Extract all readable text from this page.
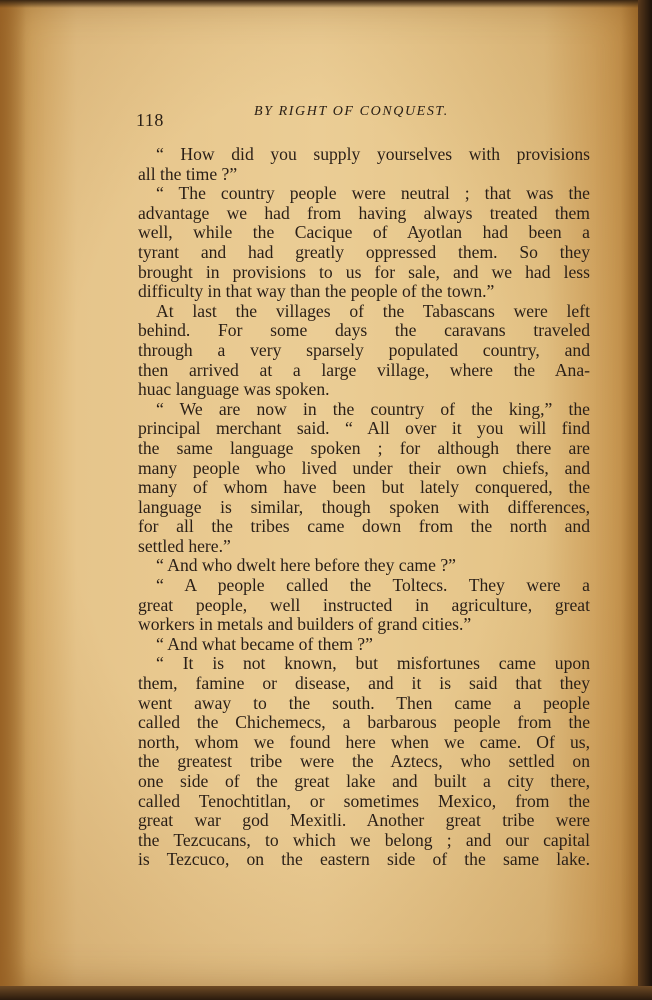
118	BY RIGHT OF CONQUEST.
“ How did you supply yourselves with provisions
all the time ?”
“ The country people were neutral ; that was the
advantage we had from having always treated them
well, while the Cacique of Ayotlan had been a
tyrant and had greatly oppressed them. So they
brought in provisions to us for sale, and we had less
difficulty in that way than the people of the town.”
At last the villages of the Tabascans were left
behind. For some days the caravans traveled
through a very sparsely populated country, and
then arrived at a large village, where the Ana-
huac language was spoken.
“ We are now in the country of the king,” the
principal merchant said. “ All over it you will find
the same language spoken ; for although there are
many people who lived under their own chiefs, and
many of whom have been but lately conquered, the
language is similar, though spoken with differences,
for all the tribes came down from the north and
settled here.”
“ And who dwelt here before they came ?”
“ A people called the Toltecs. They were a
great people, well instructed in agriculture, great
workers in metals and builders of grand cities.”
“ And what became of them ?”
“ It is not known, but misfortunes came upon
them, famine or disease, and it is said that they
went away to the south. Then came a people
called the Chichemecs, a barbarous people from the
north, whom we found here when we came. Of us,
the greatest tribe were the Aztecs, who settled on
one side of the great lake and built a city there,
called Tenochtitlan, or sometimes Mexico, from the
great war god Mexitli. Another great tribe were
the Tezcucans, to which we belong ; and our capital
is Tezcuco, on the eastern side of the same lake.
